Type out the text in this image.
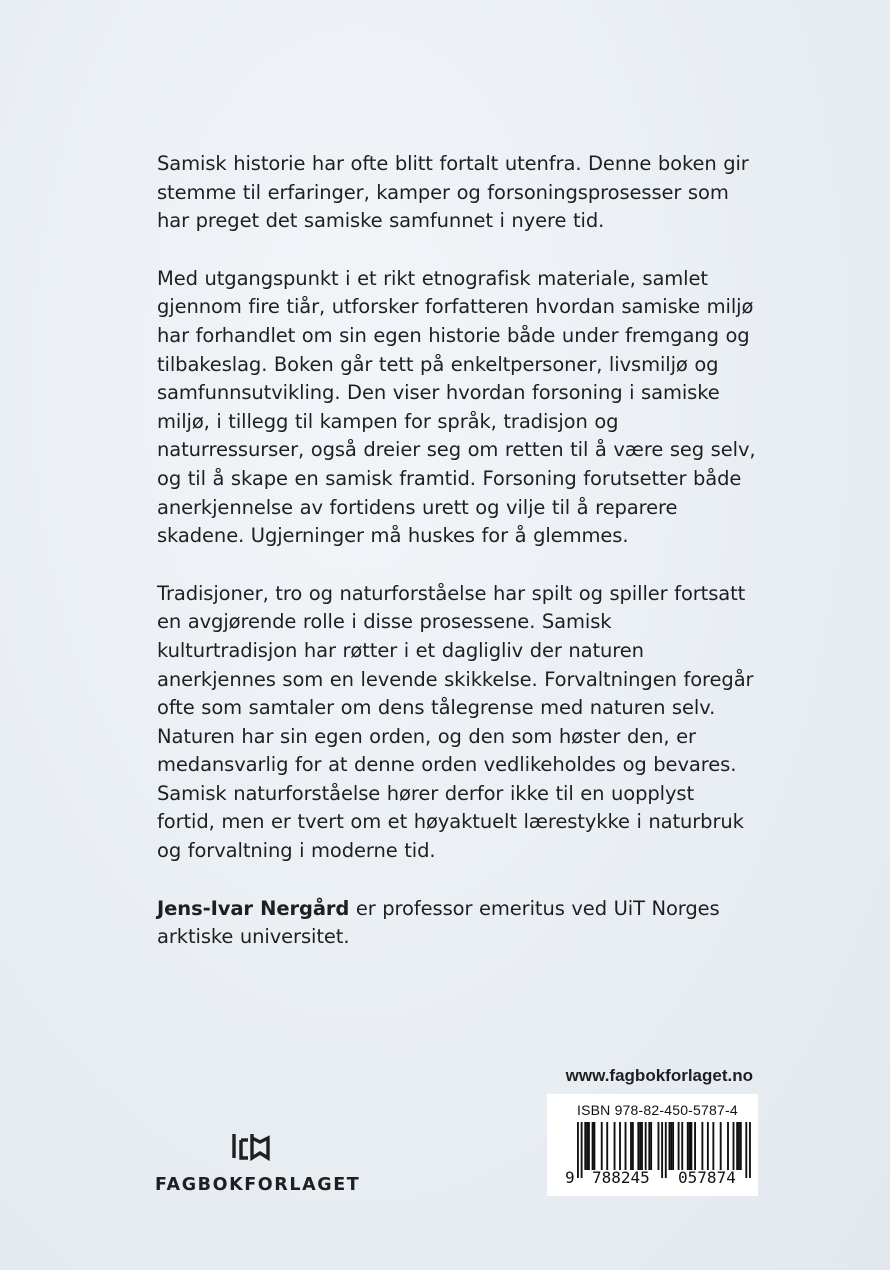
Samisk historie har ofte blitt fortalt utenfra. Denne boken gir stemme til erfaringer, kamper og forsoningsprosesser som har preget det samiske samfunnet i nyere tid.

Med utgangspunkt i et rikt etnografisk materiale, samlet gjennom fire tiår, utforsker forfatteren hvordan samiske miljø har forhandlet om sin egen historie både under fremgang og tilbakeslag. Boken går tett på enkeltpersoner, livsmiljø og samfunnsutvikling. Den viser hvordan forsoning i samiske miljø, i tillegg til kampen for språk, tradisjon og naturressurser, også dreier seg om retten til å være seg selv, og til å skape en samisk framtid. Forsoning forutsetter både anerkjennelse av fortidens urett og vilje til å reparere skadene. Ugjerninger må huskes for å glemmes.

Tradisjoner, tro og naturforståelse har spilt og spiller fortsatt en avgjørende rolle i disse prosessene. Samisk kulturtradisjon har røtter i et dagligliv der naturen anerkjennes som en levende skikkelse. Forvaltningen foregår ofte som samtaler om dens tålegrense med naturen selv. Naturen har sin egen orden, og den som høster den, er medansvarlig for at denne orden vedlikeholdes og bevares. Samisk naturforståelse hører derfor ikke til en uopplyst fortid, men er tvert om et høyaktuelt lærestykke i naturbruk og forvaltning i moderne tid.

Jens-Ivar Nergård er professor emeritus ved UiT Norges arktiske universitet.

www.fagbokforlaget.no
9 788245 057874
ISBN 978-82-450-5787-4
FAGBOKFORLAGET
